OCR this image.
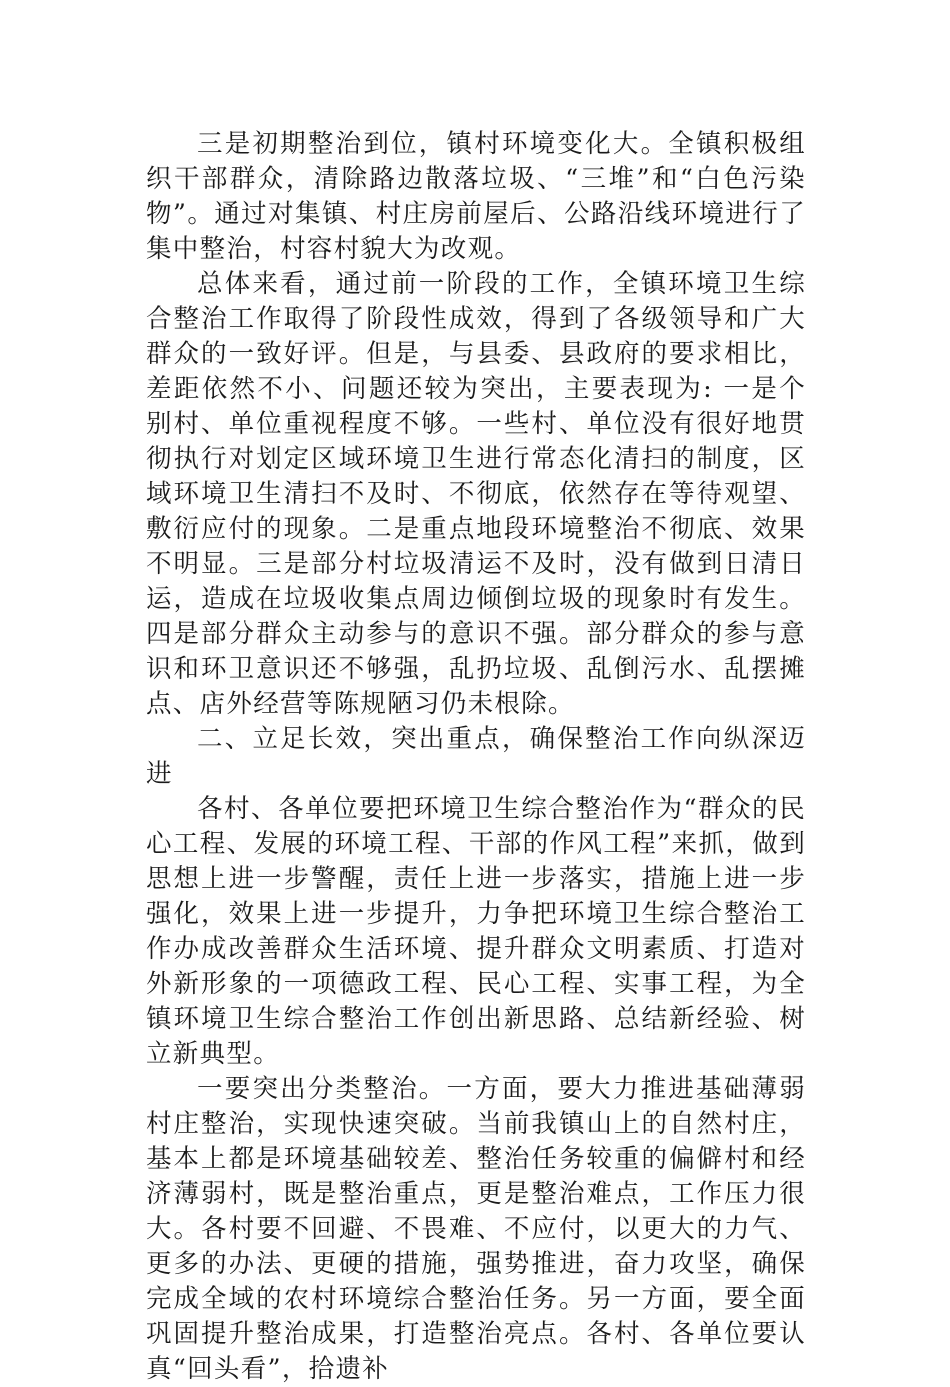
三是初期整治到位，镇村环境变化大。全镇积极组织干部群众，清除路边散落垃圾、“三堆”和“白色污染物”。通过对集镇、村庄房前屋后、公路沿线环境进行了集中整治，村容村貌大为改观。

总体来看，通过前一阶段的工作，全镇环境卫生综合整治工作取得了阶段性成效，得到了各级领导和广大群众的一致好评。但是，与县委、县政府的要求相比，差距依然不小、问题还较为突出，主要表现为: 一是个别村、单位重视程度不够。一些村、单位没有很好地贯彻执行对划定区域环境卫生进行常态化清扫的制度，区域环境卫生清扫不及时、不彻底，依然存在等待观望、敷衍应付的现象。二是重点地段环境整治不彻底、效果不明显。三是部分村垃圾清运不及时，没有做到日清日运，造成在垃圾收集点周边倾倒垃圾的现象时有发生。四是部分群众主动参与的意识不强。部分群众的参与意识和环卫意识还不够强，乱扔垃圾、乱倒污水、乱摆摊点、店外经营等陈规陋习仍未根除。

二、立足长效，突出重点，确保整治工作向纵深迈进

各村、各单位要把环境卫生综合整治作为“群众的民心工程、发展的环境工程、干部的作风工程”来抓，做到思想上进一步警醒，责任上进一步落实，措施上进一步强化，效果上进一步提升，力争把环境卫生综合整治工作办成改善群众生活环境、提升群众文明素质、打造对外新形象的一项德政工程、民心工程、实事工程，为全镇环境卫生综合整治工作创出新思路、总结新经验、树立新典型。

一要突出分类整治。一方面，要大力推进基础薄弱村庄整治，实现快速突破。当前我镇山上的自然村庄，基本上都是环境基础较差、整治任务较重的偏僻村和经济薄弱村，既是整治重点，更是整治难点，工作压力很大。各村要不回避、不畏难、不应付，以更大的力气、更多的办法、更硬的措施，强势推进，奋力攻坚，确保完成全域的农村环境综合整治任务。另一方面，要全面巩固提升整治成果，打造整治亮点。各村、各单位要认真“回头看”，拾遗补
